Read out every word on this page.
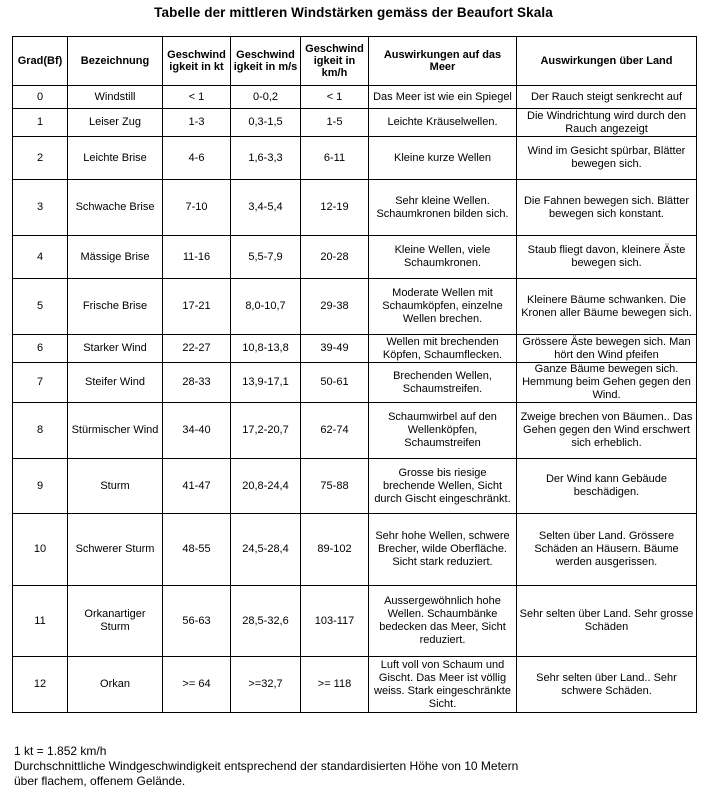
Tabelle der mittleren Windstärken gemäss der Beaufort Skala
Grad(Bf)	Bezeichnung	Geschwind igkeit in kt	Geschwind igkeit in m/s	Geschwind igkeit in km/h	Auswirkungen auf das Meer	Auswirkungen über Land
0	Windstill	< 1	0-0,2	< 1	Das Meer ist wie ein Spiegel	Der Rauch steigt senkrecht auf
1	Leiser Zug	1-3	0,3-1,5	1-5	Leichte Kräuselwellen.	Die Windrichtung wird durch den Rauch angezeigt
2	Leichte Brise	4-6	1,6-3,3	6-11	Kleine kurze Wellen	Wind im Gesicht spürbar, Blätter bewegen sich.
3	Schwache Brise	7-10	3,4-5,4	12-19	Sehr kleine Wellen. Schaumkronen bilden sich.	Die Fahnen bewegen sich. Blätter bewegen sich konstant.
4	Mässige Brise	11-16	5,5-7,9	20-28	Kleine Wellen, viele Schaumkronen.	Staub fliegt davon, kleinere Äste bewegen sich.
5	Frische Brise	17-21	8,0-10,7	29-38	Moderate Wellen mit Schaumköpfen, einzelne Wellen brechen.	Kleinere Bäume schwanken. Die Kronen aller Bäume bewegen sich.
6	Starker Wind	22-27	10,8-13,8	39-49	Wellen mit brechenden Köpfen, Schaumflecken.	Grössere Äste bewegen sich. Man hört den Wind pfeifen
7	Steifer Wind	28-33	13,9-17,1	50-61	Brechenden Wellen, Schaumstreifen.	Ganze Bäume bewegen sich. Hemmung beim Gehen gegen den Wind.
8	Stürmischer Wind	34-40	17,2-20,7	62-74	Schaumwirbel auf den Wellenköpfen, Schaumstreifen	Zweige brechen von Bäumen.. Das Gehen gegen den Wind erschwert sich erheblich.
9	Sturm	41-47	20,8-24,4	75-88	Grosse bis riesige brechende Wellen, Sicht durch Gischt eingeschränkt.	Der Wind kann Gebäude beschädigen.
10	Schwerer Sturm	48-55	24,5-28,4	89-102	Sehr hohe Wellen, schwere Brecher, wilde Oberfläche. Sicht stark reduziert.	Selten über Land. Grössere Schäden an Häusern. Bäume werden ausgerissen.
11	Orkanartiger Sturm	56-63	28,5-32,6	103-117	Aussergewöhnlich hohe Wellen. Schaumbänke bedecken das Meer, Sicht reduziert.	Sehr selten über Land. Sehr grosse Schäden
12	Orkan	>= 64	>=32,7	>= 118	Luft voll von Schaum und Gischt. Das Meer ist völlig weiss. Stark eingeschränkte Sicht.	Sehr selten über Land.. Sehr schwere Schäden.
1 kt = 1.852 km/h
Durchschnittliche Windgeschwindigkeit entsprechend der standardisierten Höhe von 10 Metern
über flachem, offenem Gelände.
